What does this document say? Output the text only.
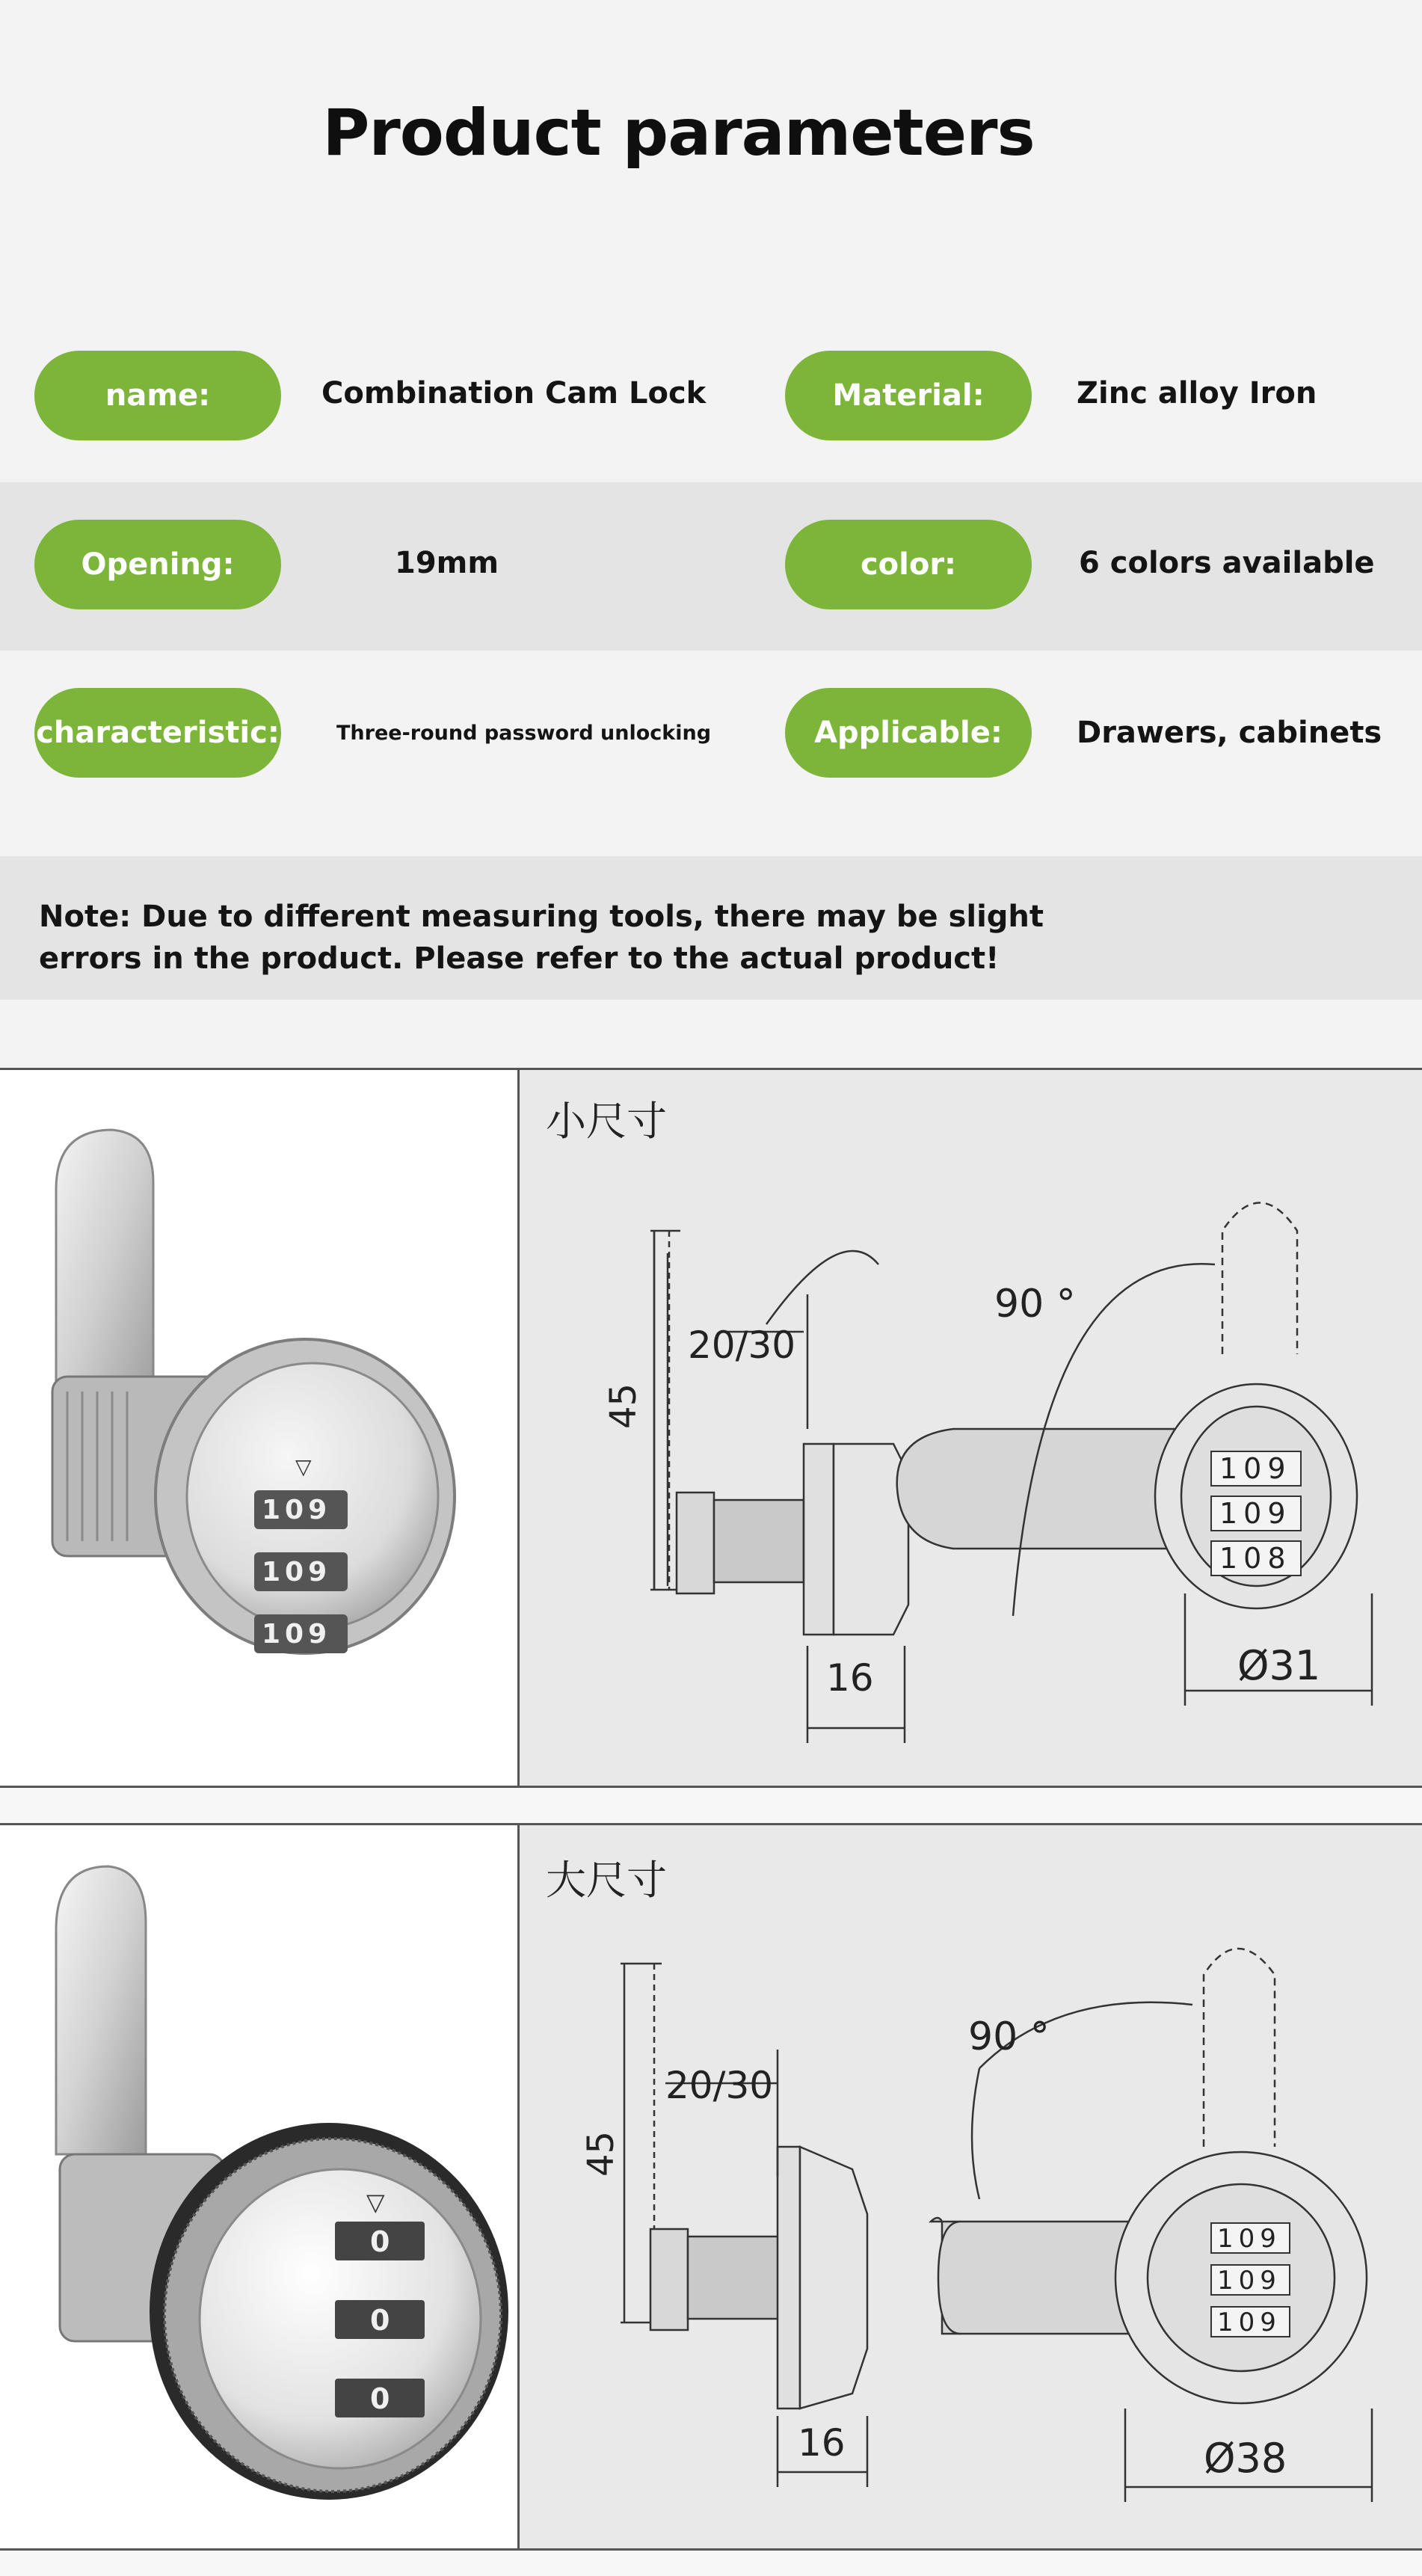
Product parameters
name:	Combination Cam Lock	Material:	Zinc alloy Iron
Opening:	19mm	color:	6 colors available
characteristic:	Three-round password unlocking	Applicable:	Drawers, cabinets
Note: Due to different measuring tools, there may be slight
errors in the product. Please refer to the actual product!
▽
109
109
109
小尺寸
45
20/30
16
109
109
108
90 °
Ø31
▽
0
0
0
大尺寸
45
20/30
16
109
109
109
90 °
Ø38
